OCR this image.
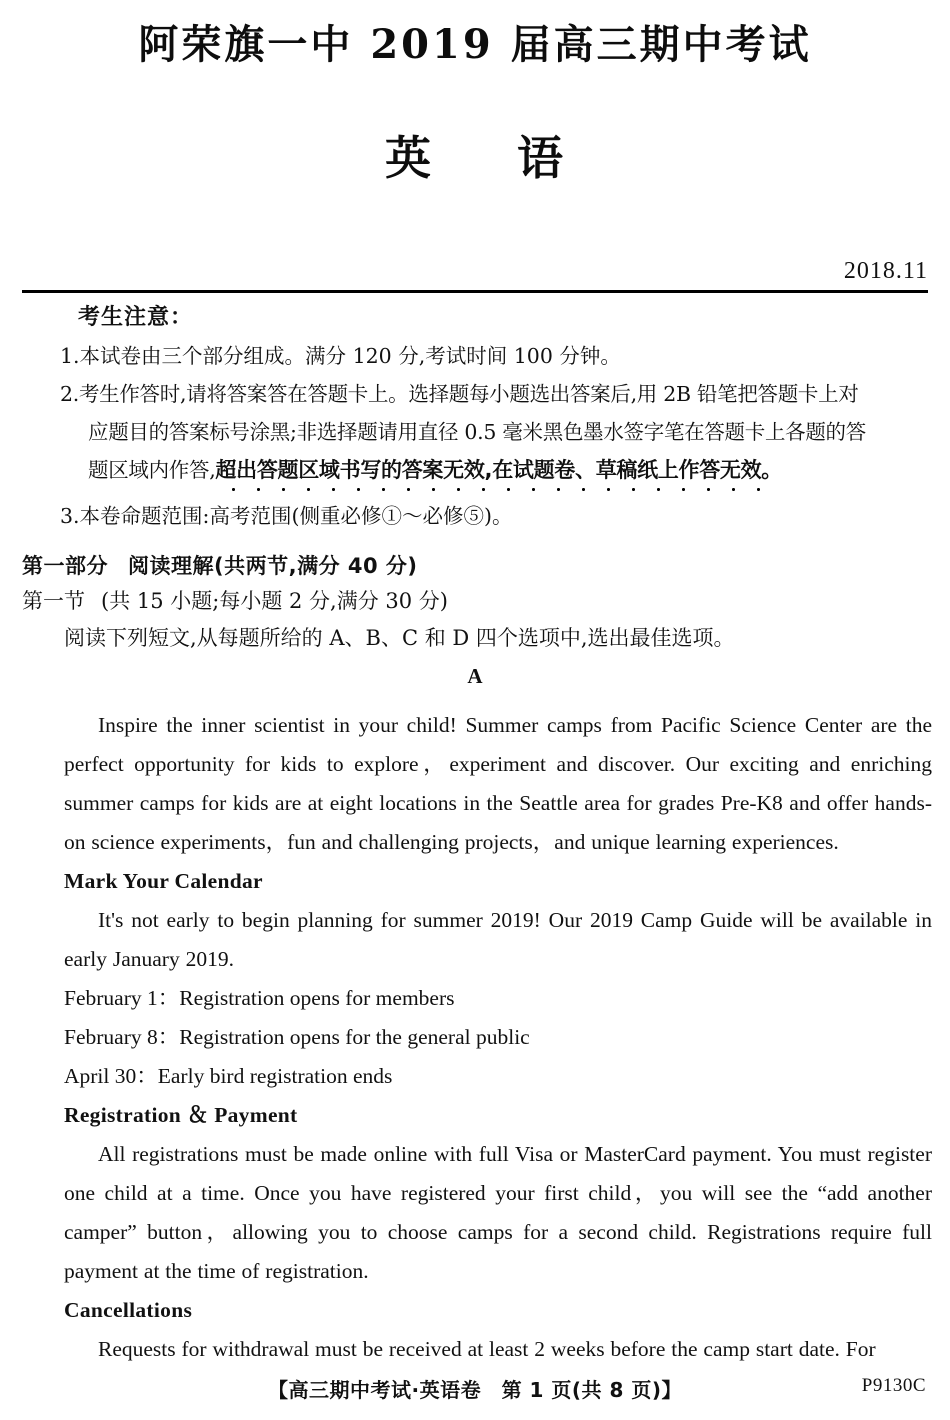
阿荣旗一中 2019 届高三期中考试
英 语
2018.11
考生注意：
1.本试卷由三个部分组成。满分 120 分,考试时间 100 分钟。
2.考生作答时,请将答案答在答题卡上。选择题每小题选出答案后,用 2B 铅笔把答题卡上对
应题目的答案标号涂黑;非选择题请用直径 0.5 毫米黑色墨水签字笔在答题卡上各题的答
题区域内作答,超出答题区域书写的答案无效,在试题卷、草稿纸上作答无效。
3.本卷命题范围:高考范围(侧重必修①～必修⑤)。
第一部分 阅读理解(共两节,满分 40 分)
第一节 (共 15 小题;每小题 2 分,满分 30 分)
阅读下列短文,从每题所给的 A、B、C 和 D 四个选项中,选出最佳选项。
A

Inspire the inner scientist in your child! Summer camps from Pacific Science Center are the perfect opportunity for kids to explore，experiment and discover. Our exciting and enriching summer camps for kids are at eight locations in the Seattle area for grades Pre-K8 and offer hands-on science experiments，fun and challenging projects，and unique learning experiences.

Mark Your Calendar

It's not early to begin planning for summer 2019! Our 2019 Camp Guide will be available in early January 2019.

February 1：Registration opens for members
February 8：Registration opens for the general public
April 30：Early bird registration ends
Registration ＆ Payment

All registrations must be made online with full Visa or MasterCard payment. You must register one child at a time. Once you have registered your first child，you will see the “add another camper” button，allowing you to choose camps for a second child. Registrations require full payment at the time of registration.

Cancellations

Requests for withdrawal must be received at least 2 weeks before the camp start date. For

【高三期中考试·英语卷　第 1 页(共 8 页)】	P9130C
